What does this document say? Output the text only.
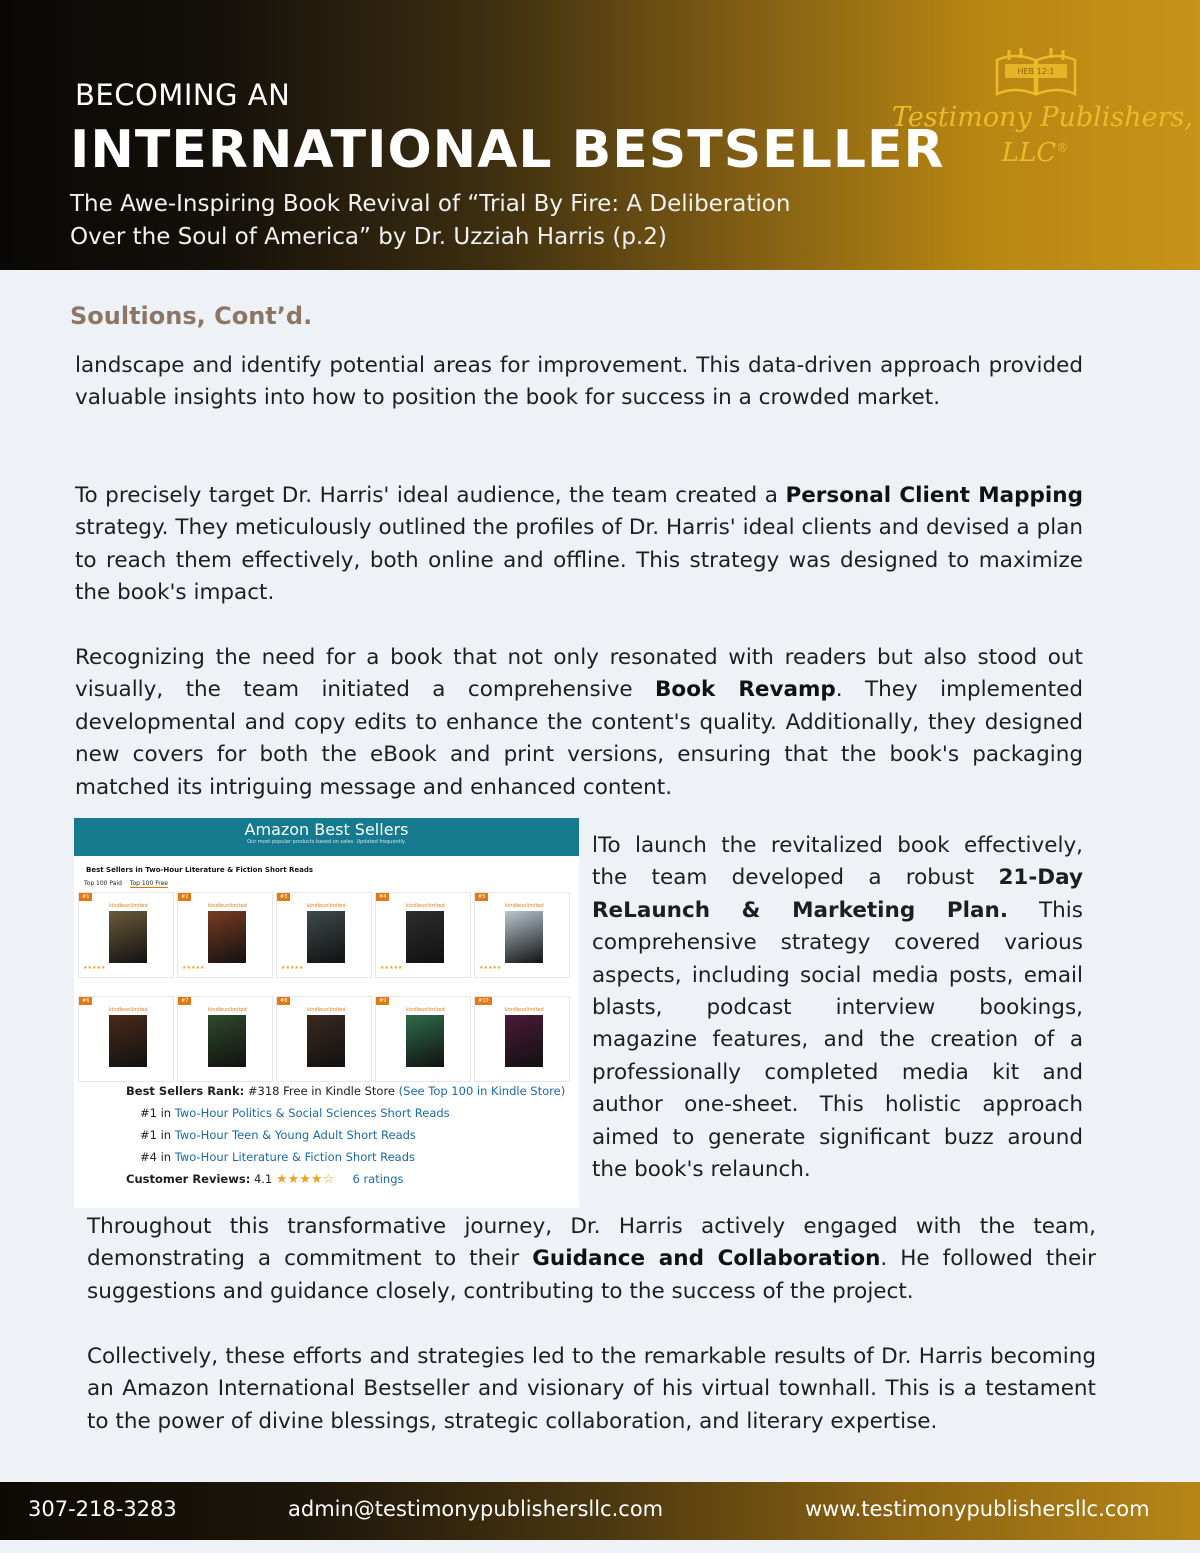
BECOMING AN
INTERNATIONAL BESTSELLER
The Awe-Inspiring Book Revival of “Trial By Fire: A Deliberation Over the Soul of America” by Dr. Uzziah Harris (p.2)
HEB 12:1
Testimony Publishers,
LLC®
Soultions, Cont’d.

landscape and identify potential areas for improvement. This data-driven approach provided valuable insights into how to position the book for success in a crowded market.

To precisely target Dr. Harris' ideal audience, the team created a Personal Client Mapping strategy. They meticulously outlined the profiles of Dr. Harris' ideal clients and devised a plan to reach them effectively, both online and offline. This strategy was designed to maximize the book's impact.

Recognizing the need for a book that not only resonated with readers but also stood out visually, the team initiated a comprehensive Book Revamp. They implemented developmental and copy edits to enhance the content's quality. Additionally, they designed new covers for both the eBook and print versions, ensuring that the book's packaging matched its intriguing message and enhanced content.

Amazon Best Sellers
Our most popular products based on sales. Updated frequently.
Best Sellers in Two-Hour Literature & Fiction Short Reads
Top 100 Paid Top 100 Free
#1
kindleunlimited
★★★★★
#2
kindleunlimited
★★★★★
#3
kindleunlimited
★★★★★
#4
kindleunlimited
★★★★★
#5
kindleunlimited
★★★★★
#6
kindleunlimited
#7
kindleunlimited
#8
kindleunlimited
#9
kindleunlimited
#10
kindleunlimited
Best Sellers Rank: #318 Free in Kindle Store (See Top 100 in Kindle Store)
#1 in Two-Hour Politics & Social Sciences Short Reads
#1 in Two-Hour Teen & Young Adult Short Reads
#4 in Two-Hour Literature & Fiction Short Reads
Customer Reviews: 4.1 ★★★★☆ 6 ratings

lTo launch the revitalized book effectively, the team developed a robust 21-Day ReLaunch & Marketing Plan. This comprehensive strategy covered various aspects, including social media posts, email blasts, podcast interview bookings, magazine features, and the creation of a professionally completed media kit and author one-sheet. This holistic approach aimed to generate significant buzz around the book's relaunch.

Throughout this transformative journey, Dr. Harris actively engaged with the team, demonstrating a commitment to their Guidance and Collaboration. He followed their suggestions and guidance closely, contributing to the success of the project.

Collectively, these efforts and strategies led to the remarkable results of Dr. Harris becoming an Amazon International Bestseller and visionary of his virtual townhall. This is a testament to the power of divine blessings, strategic collaboration, and literary expertise.

307-218-3283	admin@testimonypublishersllc.com	www.testimonypublishersllc.com
